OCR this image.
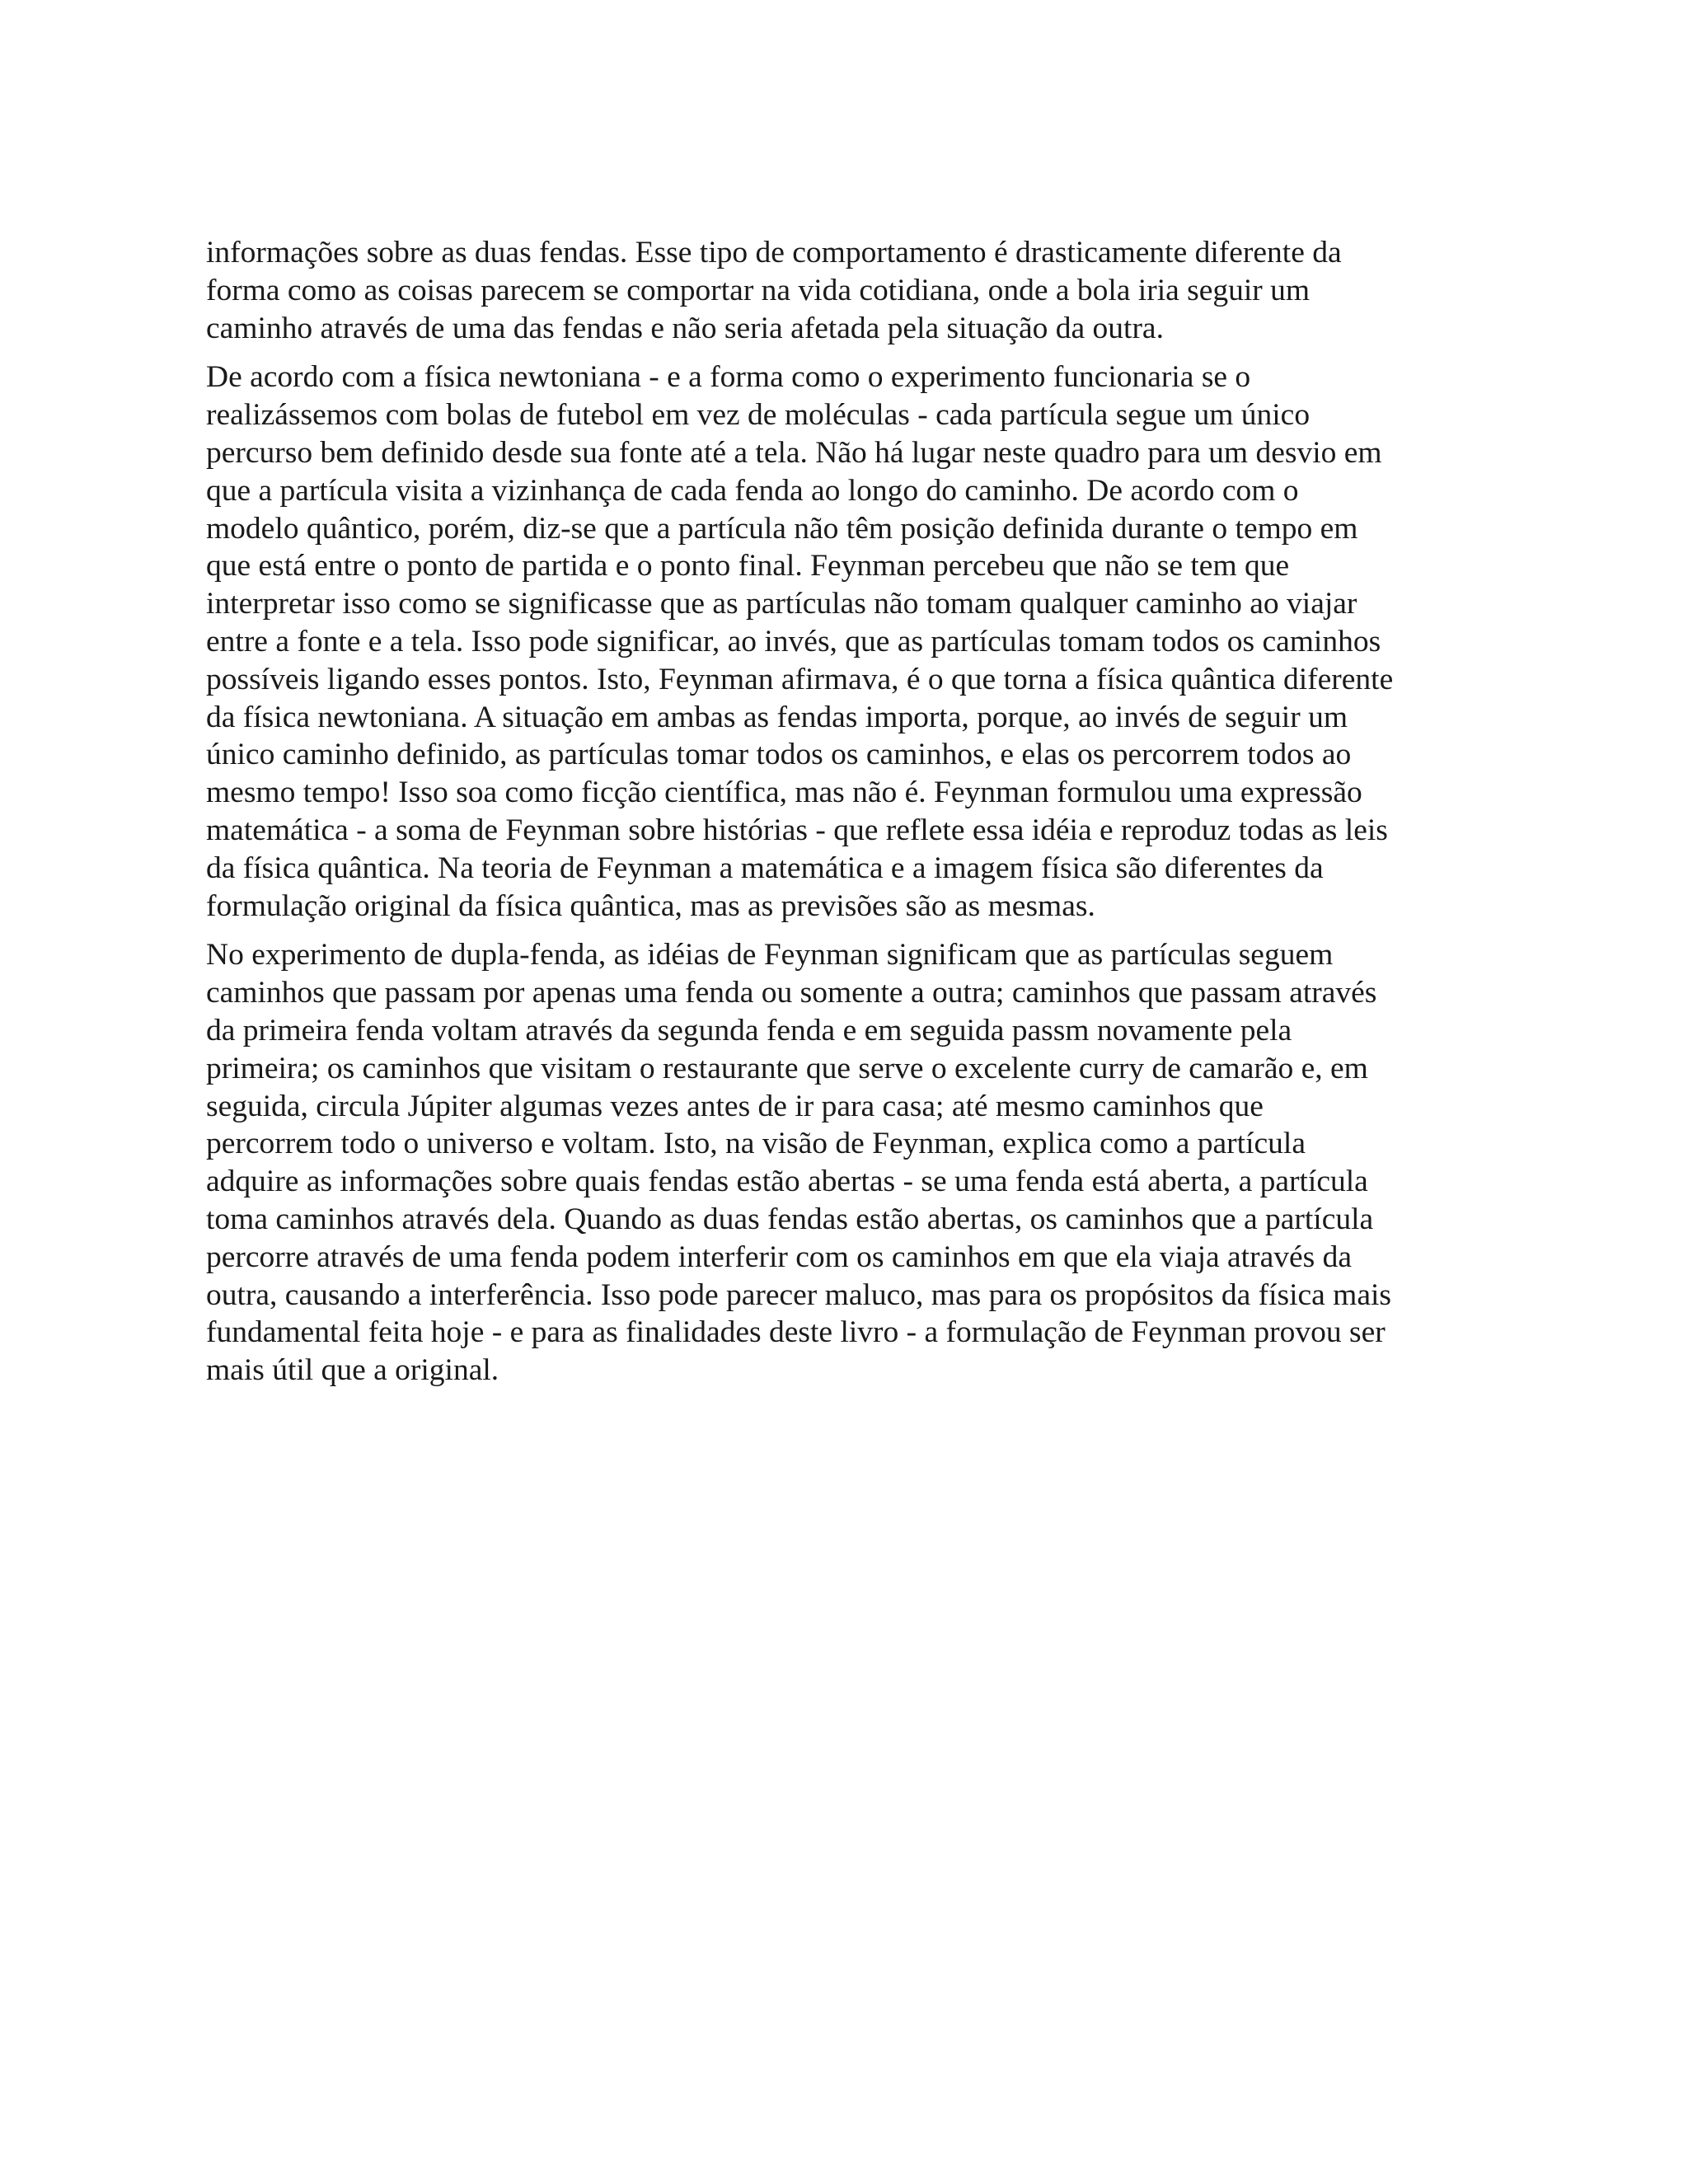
informações sobre as duas fendas. Esse tipo de comportamento é drasticamente diferente da
forma como as coisas parecem se comportar na vida cotidiana, onde a bola iria seguir um
caminho através de uma das fendas e não seria afetada pela situação da outra.

De acordo com a física newtoniana - e a forma como o experimento funcionaria se o
realizássemos com bolas de futebol em vez de moléculas - cada partícula segue um único
percurso bem definido desde sua fonte até a tela. Não há lugar neste quadro para um desvio em
que a partícula visita a vizinhança de cada fenda ao longo do caminho. De acordo com o
modelo quântico, porém, diz-se que a partícula não têm posição definida durante o tempo em
que está entre o ponto de partida e o ponto final. Feynman percebeu que não se tem que
interpretar isso como se significasse que as partículas não tomam qualquer caminho ao viajar
entre a fonte e a tela. Isso pode significar, ao invés, que as partículas tomam todos os caminhos
possíveis ligando esses pontos. Isto, Feynman afirmava, é o que torna a física quântica diferente
da física newtoniana. A situação em ambas as fendas importa, porque, ao invés de seguir um
único caminho definido, as partículas tomar todos os caminhos, e elas os percorrem todos ao
mesmo tempo! Isso soa como ficção científica, mas não é. Feynman formulou uma expressão
matemática - a soma de Feynman sobre histórias - que reflete essa idéia e reproduz todas as leis
da física quântica. Na teoria de Feynman a matemática e a imagem física são diferentes da
formulação original da física quântica, mas as previsões são as mesmas.

No experimento de dupla-fenda, as idéias de Feynman significam que as partículas seguem
caminhos que passam por apenas uma fenda ou somente a outra; caminhos que passam através
da primeira fenda voltam através da segunda fenda e em seguida passm novamente pela
primeira; os caminhos que visitam o restaurante que serve o excelente curry de camarão e, em
seguida, circula Júpiter algumas vezes antes de ir para casa; até mesmo caminhos que
percorrem todo o universo e voltam. Isto, na visão de Feynman, explica como a partícula
adquire as informações sobre quais fendas estão abertas - se uma fenda está aberta, a partícula
toma caminhos através dela. Quando as duas fendas estão abertas, os caminhos que a partícula
percorre através de uma fenda podem interferir com os caminhos em que ela viaja através da
outra, causando a interferência. Isso pode parecer maluco, mas para os propósitos da física mais
fundamental feita hoje - e para as finalidades deste livro - a formulação de Feynman provou ser
mais útil que a original.
